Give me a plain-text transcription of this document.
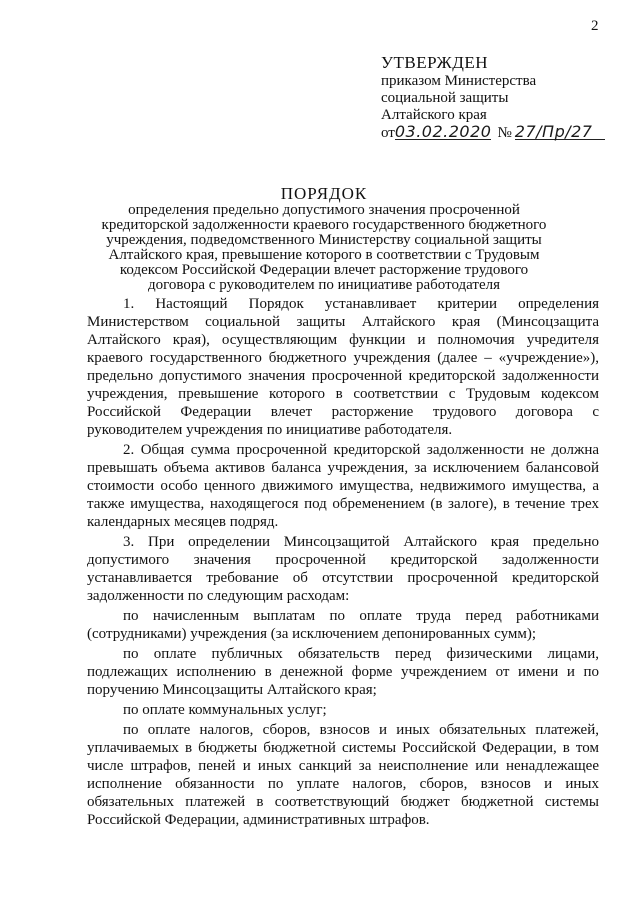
2
УТВЕРЖДЕН
приказом Министерства
социальной защиты
Алтайского края
от 03.02.2020 № 27/Пр/27
ПОРЯДОК
определения предельно допустимого значения просроченной кредиторской задолженности краевого государственного бюджетного учреждения, подведомственного Министерству социальной защиты Алтайского края, превышение которого в соответствии с Трудовым кодексом Российской Федерации влечет расторжение трудового договора с руководителем по инициативе работодателя

1. Настоящий Порядок устанавливает критерии определения Министерством социальной защиты Алтайского края (Минсоцзащита Алтайского края), осуществляющим функции и полномочия учредителя краевого государственного бюджетного учреждения (далее – «учреждение»), предельно допустимого значения просроченной кредиторской задолженности учреждения, превышение которого в соответствии с Трудовым кодексом Российской Федерации влечет расторжение трудового договора с руководителем учреждения по инициативе работодателя.

2. Общая сумма просроченной кредиторской задолженности не должна превышать объема активов баланса учреждения, за исключением балансовой стоимости особо ценного движимого имущества, недвижимого имущества, а также имущества, находящегося под обременением (в залоге), в течение трех календарных месяцев подряд.

3. При определении Минсоцзащитой Алтайского края предельно допустимого значения просроченной кредиторской задолженности устанавливается требование об отсутствии просроченной кредиторской задолженности по следующим расходам:

по начисленным выплатам по оплате труда перед работниками (сотрудниками) учреждения (за исключением депонированных сумм);

по оплате публичных обязательств перед физическими лицами, подлежащих исполнению в денежной форме учреждением от имени и по поручению Минсоцзащиты Алтайского края;

по оплате коммунальных услуг;

по оплате налогов, сборов, взносов и иных обязательных платежей, уплачиваемых в бюджеты бюджетной системы Российской Федерации, в том числе штрафов, пеней и иных санкций за неисполнение или ненадлежащее исполнение обязанности по уплате налогов, сборов, взносов и иных обязательных платежей в соответствующий бюджет бюджетной системы Российской Федерации, административных штрафов.
